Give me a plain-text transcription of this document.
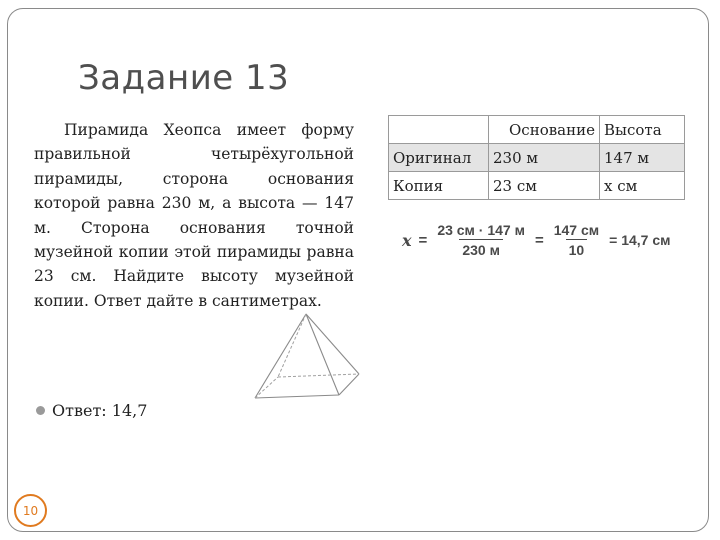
Задание 13
Пирамида Хеопса имеет форму правильной четырёхугольной пирамиды, сторона основания которой равна 230 м, а высота — 147 м. Сторона основания точной музейной копии этой пирамиды равна 23 см. Найдите высоту музейной копии. Ответ дайте в сантиметрах.
Ответ: 14,7
	Основание	Высота
Оригинал	230 м	147 м
Копия	23 см	х см
$x = \frac{23 см \cdot 147 м}{230 м} = \frac{147 см}{10} = 14,7$ см
10
